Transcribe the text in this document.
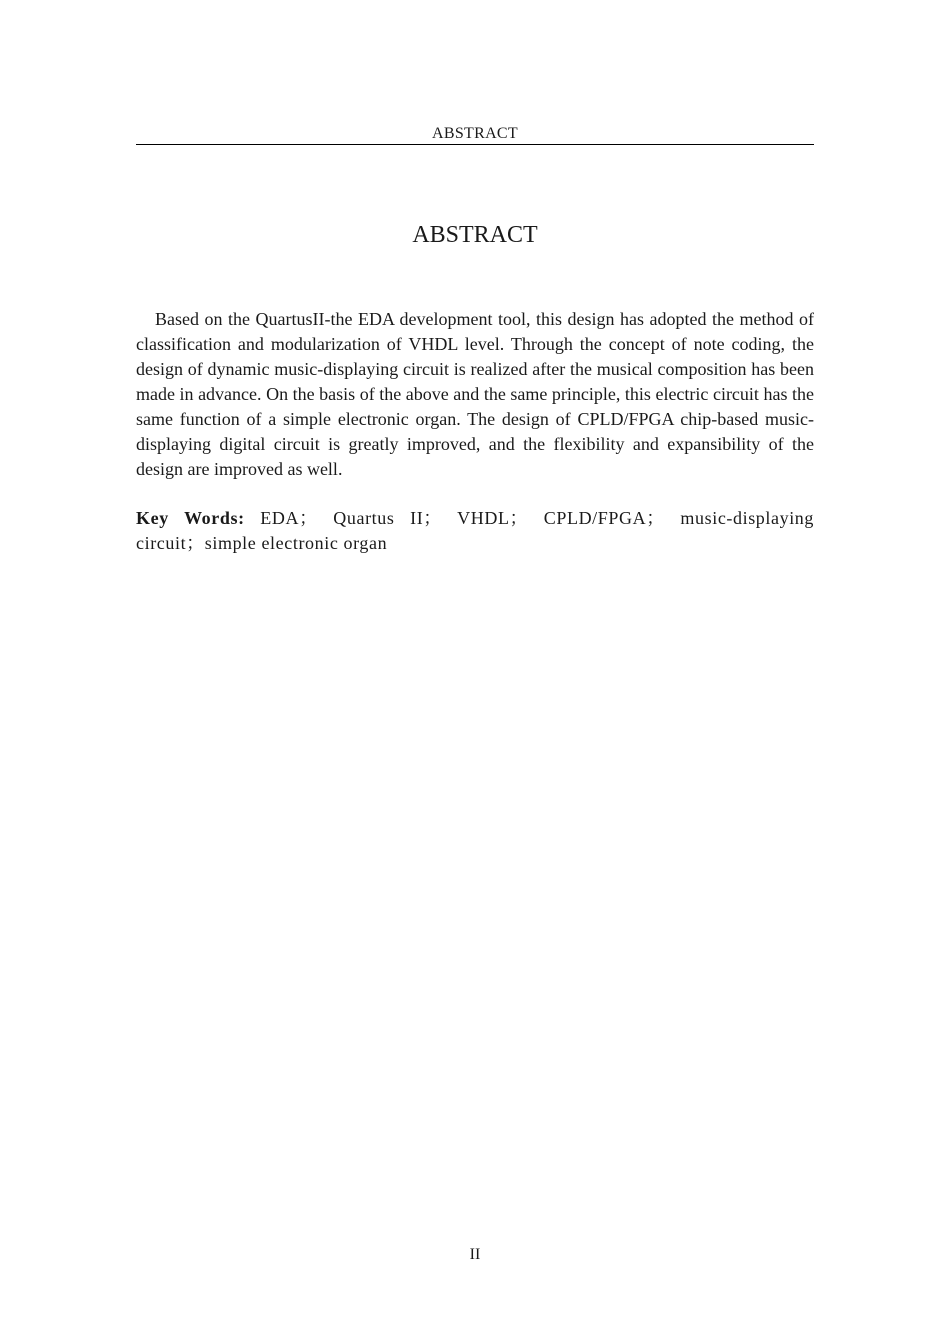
ABSTRACT
ABSTRACT

Based on the QuartusII-the EDA development tool, this design has adopted the method of classification and modularization of VHDL level. Through the concept of note coding, the design of dynamic music-displaying circuit is realized after the musical composition has been made in advance. On the basis of the above and the same principle, this electric circuit has the same function of a simple electronic organ. The design of CPLD/FPGA chip-based music-displaying digital circuit is greatly improved, and the flexibility and expansibility of the design are improved as well.

Key Words: EDA； Quartus II； VHDL； CPLD/FPGA； music-displaying circuit；simple electronic organ

II
